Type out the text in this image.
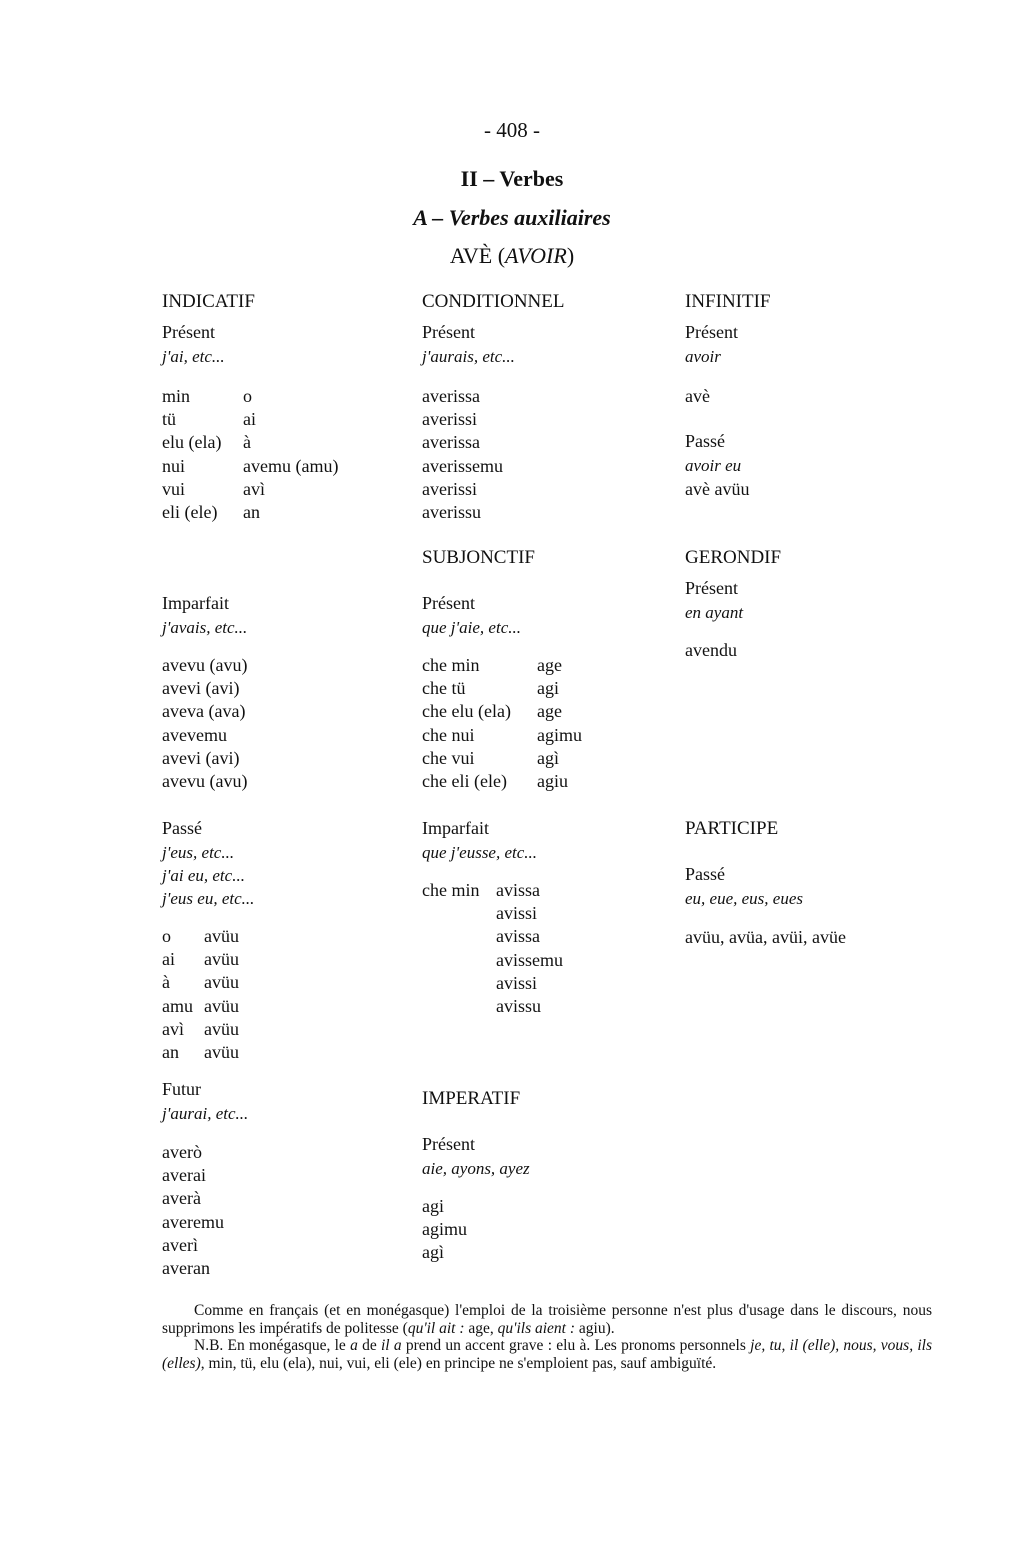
- 408 -
II – Verbes
A – Verbes auxiliaires
AVÈ (AVOIR)
INDICATIF
Présent
j'ai, etc...
min	o
tü	ai
elu (ela)	à
nui	avemu (amu)
vui	avì
eli (ele)	an
Imparfait
j'avais, etc...
avevu (avu)
avevi (avi)
aveva (ava)
avevemu
avevi (avi)
avevu (avu)
Passé
j'eus, etc...
j'ai eu, etc...
j'eus eu, etc...
o	avüu
ai	avüu
à	avüu
amu avüu
avì	avüu
an	avüu
Futur
j'aurai, etc...
averò
averai
averà
averemu
averì
averan
CONDITIONNEL
Présent
j'aurais, etc...
averissa
averissi
averissa
averissemu
averissi
averissu
SUBJONCTIF
Présent
que j'aie, etc...
che min	age
che tü	agi
che elu (ela)	age
che nui	agimu
che vui	agì
che eli (ele)	agiu
Imparfait
que j'eusse, etc...
che min avissa
avissi
avissa
avissemu
avissi
avissu
IMPERATIF
Présent
aie, ayons, ayez
agi
agimu
agì
INFINITIF
Présent
avoir
avè
Passé
avoir eu
avè avüu
GERONDIF
Présent
en ayant
avendu
PARTICIPE
Passé
eu, eue, eus, eues
avüu, avüa, avüi, avüe

Comme en français (et en monégasque) l'emploi de la troisième personne n'est plus d'usage dans le discours, nous supprimons les impératifs de politesse (qu'il ait : age, qu'ils aient : agiu).

N.B. En monégasque, le a de il a prend un accent grave : elu à. Les pronoms personnels je, tu, il (elle), nous, vous, ils (elles), min, tü, elu (ela), nui, vui, eli (ele) en principe ne s'emploient pas, sauf ambiguïté.
